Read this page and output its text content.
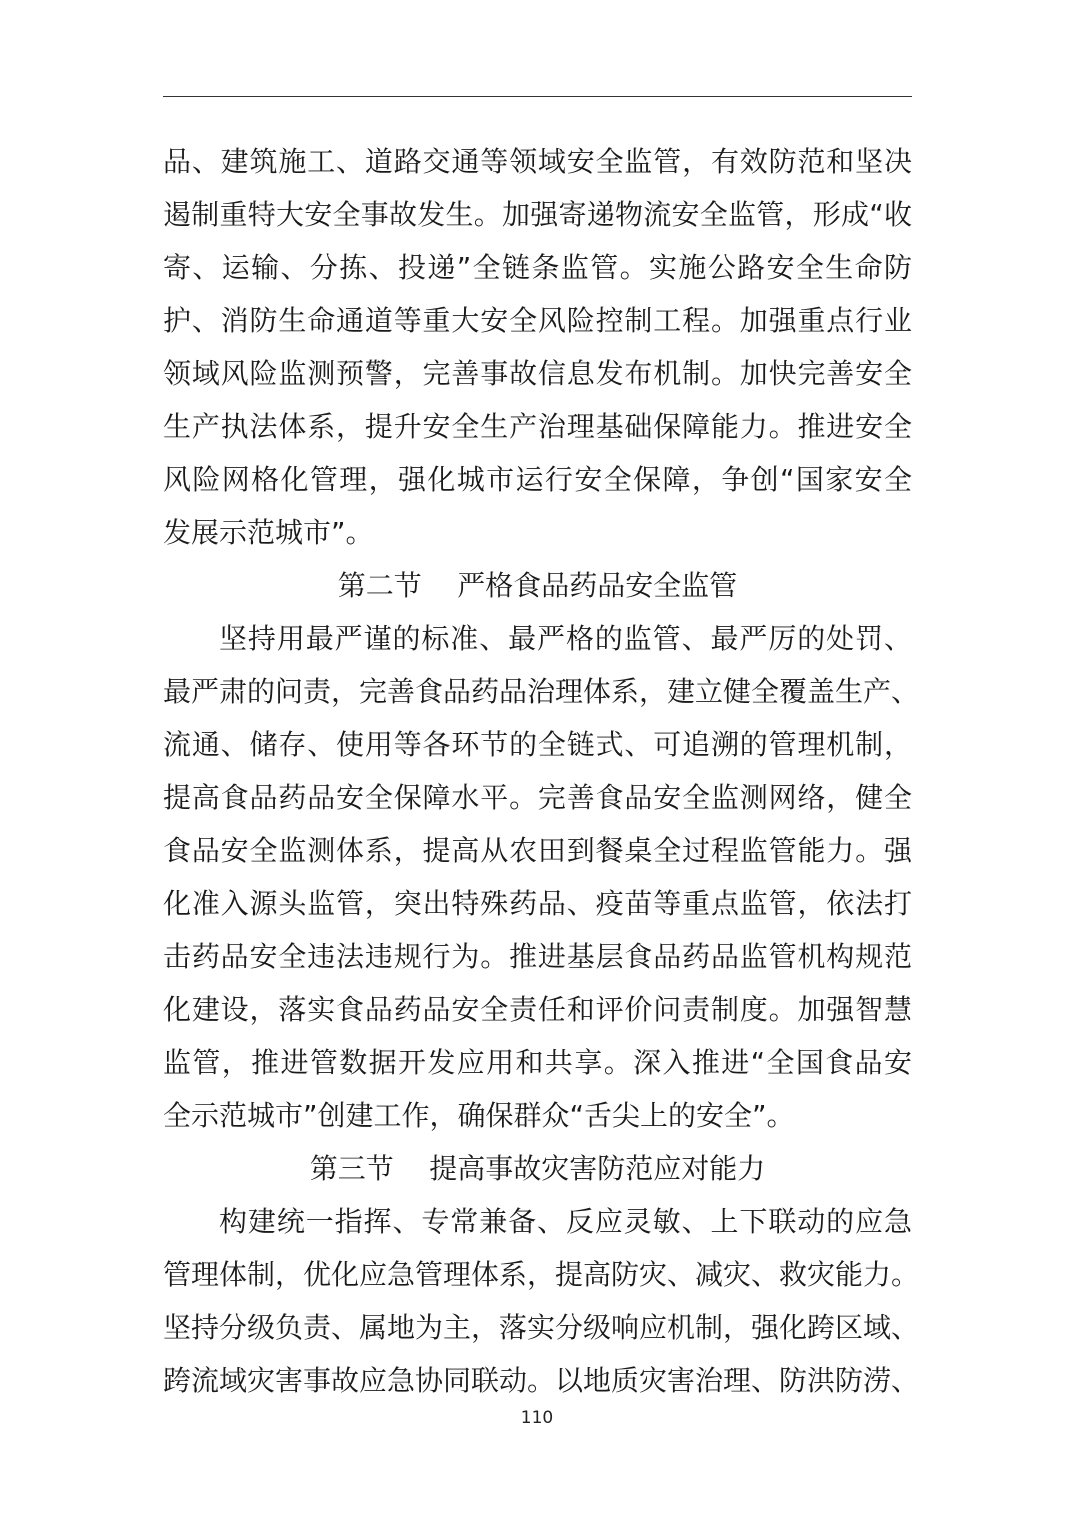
品、建筑施工、道路交通等领域安全监管，有效防范和坚决
遏制重特大安全事故发生。加强寄递物流安全监管，形成“收
寄、运输、分拣、投递”全链条监管。实施公路安全生命防
护、消防生命通道等重大安全风险控制工程。加强重点行业
领域风险监测预警，完善事故信息发布机制。加快完善安全
生产执法体系，提升安全生产治理基础保障能力。推进安全
风险网格化管理，强化城市运行安全保障，争创“国家安全
发展示范城市”。
第二节    严格食品药品安全监管
坚持用最严谨的标准、最严格的监管、最严厉的处罚、
最严肃的问责，完善食品药品治理体系，建立健全覆盖生产、
流通、储存、使用等各环节的全链式、可追溯的管理机制，
提高食品药品安全保障水平。完善食品安全监测网络，健全
食品安全监测体系，提高从农田到餐桌全过程监管能力。强
化准入源头监管，突出特殊药品、疫苗等重点监管，依法打
击药品安全违法违规行为。推进基层食品药品监管机构规范
化建设，落实食品药品安全责任和评价问责制度。加强智慧
监管，推进管数据开发应用和共享。深入推进“全国食品安
全示范城市”创建工作，确保群众“舌尖上的安全”。
第三节    提高事故灾害防范应对能力
构建统一指挥、专常兼备、反应灵敏、上下联动的应急
管理体制，优化应急管理体系，提高防灾、减灾、救灾能力。
坚持分级负责、属地为主，落实分级响应机制，强化跨区域、
跨流域灾害事故应急协同联动。以地质灾害治理、防洪防涝、
110
